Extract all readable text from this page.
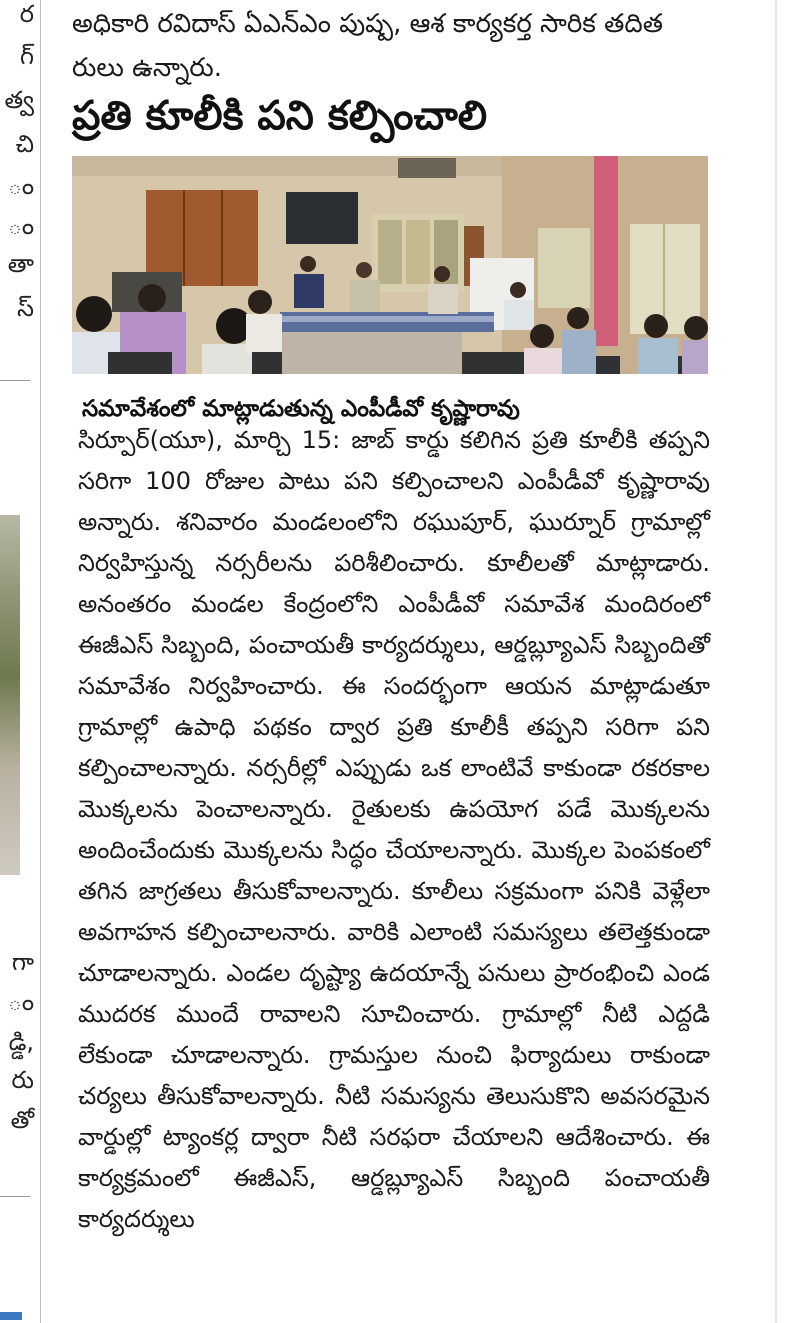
ర
గ్
త్వ
చి
ం
ం
తా
స్
గా
ం
డ్డి,
రు
తో

అధికారి రవిదాస్ ఏఎన్ఎం పుష్ప, ఆశ కార్యకర్త సారిక తదిత రులు ఉన్నారు.

ప్రతి కూలీకి పని కల్పించాలి

సమావేశంలో మాట్లాడుతున్న ఎంపీడీవో కృష్ణారావు

సిర్పూర్(యూ), మార్చి 15: జాబ్ కార్డు కలిగిన ప్రతి కూలీకి తప్పని సరిగా 100 రోజుల పాటు పని కల్పించాలని ఎంపీడీవో కృష్ణారావు అన్నారు. శనివారం మండలంలోని రఘుపూర్, ఘుర్నూర్ గ్రామాల్లో నిర్వహిస్తున్న నర్సరీలను పరిశీలించారు. కూలీలతో మాట్లాడారు. అనంతరం మండల కేంద్రంలోని ఎంపీడీవో సమావేశ మందిరంలో ఈజీఎస్ సిబ్బంది, పంచాయతీ కార్యదర్శులు, ఆర్డబ్ల్యూఎస్ సిబ్బందితో సమావేశం నిర్వహించారు. ఈ సందర్భంగా ఆయన మాట్లాడుతూ గ్రామాల్లో ఉపాధి పథకం ద్వార ప్రతి కూలీకీ తప్పని సరిగా పని కల్పించాలన్నారు. నర్సరీల్లో ఎప్పుడు ఒక లాంటివే కాకుండా రకరకాల మొక్కలను పెంచాలన్నారు. రైతులకు ఉపయోగ పడే మొక్కలను అందించేందుకు మొక్కలను సిద్ధం చేయాలన్నారు. మొక్కల పెంపకంలో తగిన జాగ్రతలు తీసుకోవాలన్నారు. కూలీలు సక్రమంగా పనికి వెళ్లేలా అవగాహన కల్పించాలనారు. వారికి ఎలాంటి సమస్యలు తలెత్తకుండా చూడాలన్నారు. ఎండల దృష్ట్యా ఉదయాన్నే పనులు ప్రారంభించి ఎండ ముదరక ముందే రావాలని సూచించారు. గ్రామాల్లో నీటి ఎద్దడి లేకుండా చూడాలన్నారు. గ్రామస్తుల నుంచి ఫిర్యాదులు రాకుండా చర్యలు తీసుకోవాలన్నారు. నీటి సమస్యను తెలుసుకొని అవసరమైన వార్డుల్లో ట్యాంకర్ల ద్వారా నీటి సరఫరా చేయాలని ఆదేశించారు. ఈ కార్యక్రమంలో ఈజీఎస్, ఆర్డబ్ల్యూఎస్ సిబ్బంది పంచాయతీ కార్యదర్శులు
